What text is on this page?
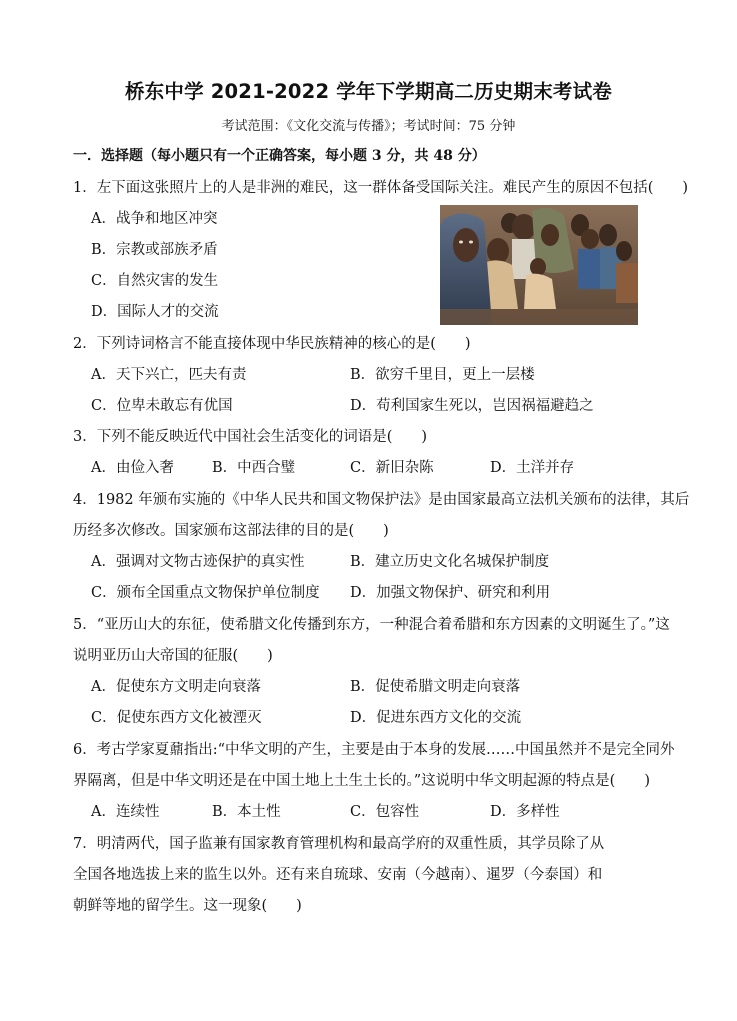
桥东中学 2021-2022 学年下学期高二历史期末考试卷
考试范围：《文化交流与传播》；考试时间：75 分钟
一．选择题（每小题只有一个正确答案，每小题 3 分，共 48 分）
1．左下面这张照片上的人是非洲的难民，这一群体备受国际关注。难民产生的原因不包括(　　)
A．战争和地区冲突
B．宗教或部族矛盾
C．自然灾害的发生
D．国际人才的交流
2．下列诗词格言不能直接体现中华民族精神的核心的是(　　)
A．天下兴亡，匹夫有责	B．欲穷千里目，更上一层楼
C．位卑未敢忘有优国	D．苟利国家生死以，岂因祸福避趋之
3．下列不能反映近代中国社会生活变化的词语是(　　)
A．由俭入奢	B．中西合璧	C．新旧杂陈	D．土洋并存
4．1982 年颁布实施的《中华人民共和国文物保护法》是由国家最高立法机关颁布的法律，其后
历经多次修改。国家颁布这部法律的目的是(　　)
A．强调对文物古迹保护的真实性	B．建立历史文化名城保护制度
C．颁布全国重点文物保护单位制度 D．加强文物保护、研究和利用
5．“亚历山大的东征，使希腊文化传播到东方，一种混合着希腊和东方因素的文明诞生了。”这
说明亚历山大帝国的征服(　　)
A．促使东方文明走向衰落	B．促使希腊文明走向衰落
C．促使东西方文化被湮灭	D．促进东西方文化的交流
6．考古学家夏鼐指出:“中华文明的产生，主要是由于本身的发展……中国虽然并不是完全同外
界隔离，但是中华文明还是在中国土地上土生土长的。”这说明中华文明起源的特点是(　　)
A．连续性	B．本土性	C．包容性	D．多样性
7．明清两代，国子监兼有国家教育管理机构和最高学府的双重性质，其学员除了从
全国各地选拔上来的监生以外。还有来自琉球、安南（今越南）、暹罗（今泰国）和
朝鲜等地的留学生。这一现象(　　)
